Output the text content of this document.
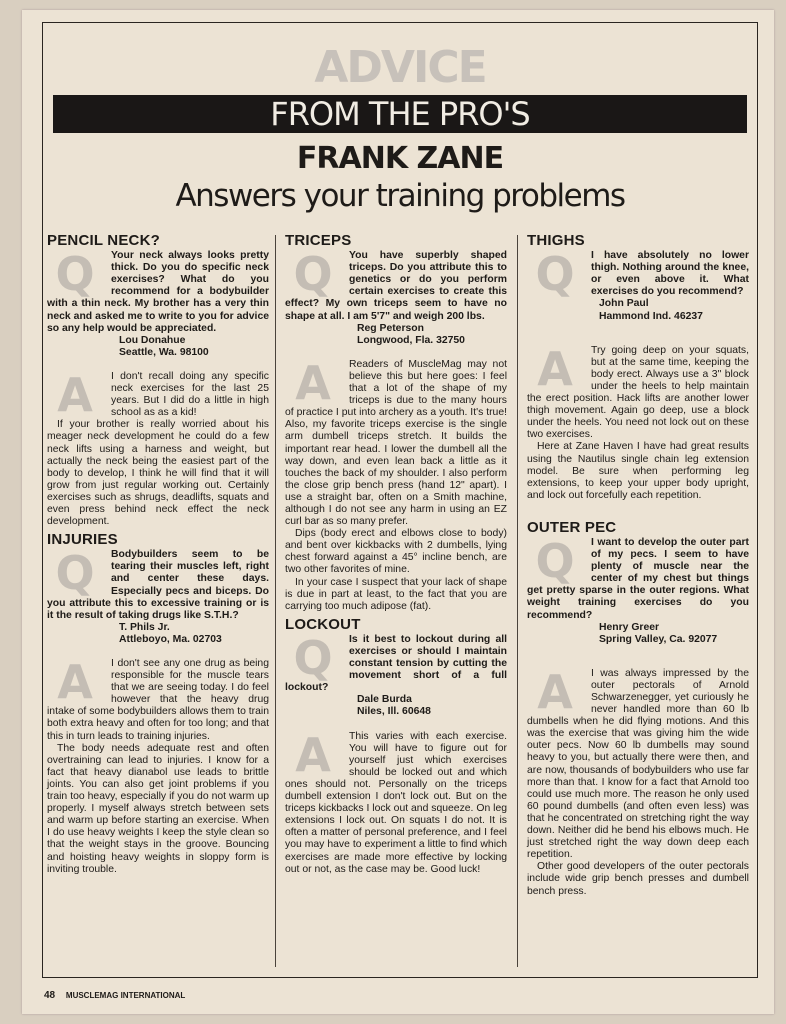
ADVICE
FROM THE PRO'S
FRANK ZANE
Answers your training problems
PENCIL NECK?
Q	Your neck always looks pretty thick. Do you do specific neck exercises? What do you recommend for a bodybuilder with a thin neck. My brother has a very thin neck and asked me to write to you for advice so any help would be appreciated.
Lou Donahue
Seattle, Wa. 98100
A	I don't recall doing any specific neck exercises for the last 25 years. But I did do a little in high school as as a kid!

If your brother is really worried about his meager neck development he could do a few neck lifts using a harness and weight, but actually the neck being the easiest part of the body to develop, I think he will find that it will grow from just regular working out. Certainly exercises such as shrugs, deadlifts, squats and even press behind neck effect the neck development.

INJURIES
Q	Bodybuilders seem to be tearing their muscles left, right and center these days. Especially pecs and biceps. Do you attribute this to excessive training or is it the result of taking drugs like S.T.H.?
T. Phils Jr.
Attleboyo, Ma. 02703
A	I don't see any one drug as being responsible for the muscle tears that we are seeing today. I do feel however that the heavy drug intake of some bodybuilders allows them to train both extra heavy and often for too long; and that this in turn leads to training injuries.

The body needs adequate rest and often overtraining can lead to injuries. I know for a fact that heavy dianabol use leads to brittle joints. You can also get joint problems if you train too heavy, especially if you do not warm up properly. I myself always stretch between sets and warm up before starting an exercise. When I do use heavy weights I keep the style clean so that the weight stays in the groove. Bouncing and hoisting heavy weights in sloppy form is inviting trouble.

TRICEPS
Q	You have superbly shaped triceps. Do you attribute this to genetics or do you perform certain exercises to create this effect? My own triceps seem to have no shape at all. I am 5'7" and weigh 200 lbs.
Reg Peterson
Longwood, Fla. 32750
A	Readers of MuscleMag may not believe this but here goes: I feel that a lot of the shape of my triceps is due to the many hours of practice I put into archery as a youth. It's true! Also, my favorite triceps exercise is the single arm dumbell triceps stretch. It builds the important rear head. I lower the dumbell all the way down, and even lean back a little as it touches the back of my shoulder. I also perform the close grip bench press (hand 12" apart). I use a straight bar, often on a Smith machine, although I do not see any harm in using an EZ curl bar as so many prefer.

Dips (body erect and elbows close to body) and bent over kickbacks with 2 dumbells, lying chest forward against a 45° incline bench, are two other favorites of mine.

In your case I suspect that your lack of shape is due in part at least, to the fact that you are carrying too much adipose (fat).

LOCKOUT
Q	Is it best to lockout during all exercises or should I maintain constant tension by cutting the movement short of a full lockout?
Dale Burda
Niles, Ill. 60648
A	This varies with each exercise. You will have to figure out for yourself just which exercises should be locked out and which ones should not. Personally on the triceps dumbell extension I don't lock out. But on the triceps kickbacks I lock out and squeeze. On leg extensions I lock out. On squats I do not. It is often a matter of personal preference, and I feel you may have to experiment a little to find which exercises are made more effective by locking out or not, as the case may be. Good luck!

THIGHS
Q	I have absolutely no lower thigh. Nothing around the knee, or even above it. What exercises do you recommend?
John Paul
Hammond Ind. 46237
A	Try going deep on your squats, but at the same time, keeping the body erect. Always use a 3" block under the heels to help maintain the erect position. Hack lifts are another lower thigh movement. Again go deep, use a block under the heels. You need not lock out on these two exercises.

Here at Zane Haven I have had great results using the Nautilus single chain leg extension model. Be sure when performing leg extensions, to keep your upper body upright, and lock out forcefully each repetition.

OUTER PEC
Q	I want to develop the outer part of my pecs. I seem to have plenty of muscle near the center of my chest but things get pretty sparse in the outer regions. What weight training exercises do you recommend?
Henry Greer
Spring Valley, Ca. 92077
A	I was always impressed by the outer pectorals of Arnold Schwarzenegger, yet curiously he never handled more than 60 lb dumbells when he did flying motions. And this was the exercise that was giving him the wide outer pecs. Now 60 lb dumbells may sound heavy to you, but actually there were then, and are now, thousands of bodybuilders who use far more than that. I know for a fact that Arnold too could use much more. The reason he only used 60 pound dumbells (and often even less) was that he concentrated on stretching right the way down. Neither did he bend his elbows much. He just stretched right the way down deep each repetition.

Other good developers of the outer pectorals include wide grip bench presses and dumbell bench press.

48 MUSCLEMAG INTERNATIONAL
